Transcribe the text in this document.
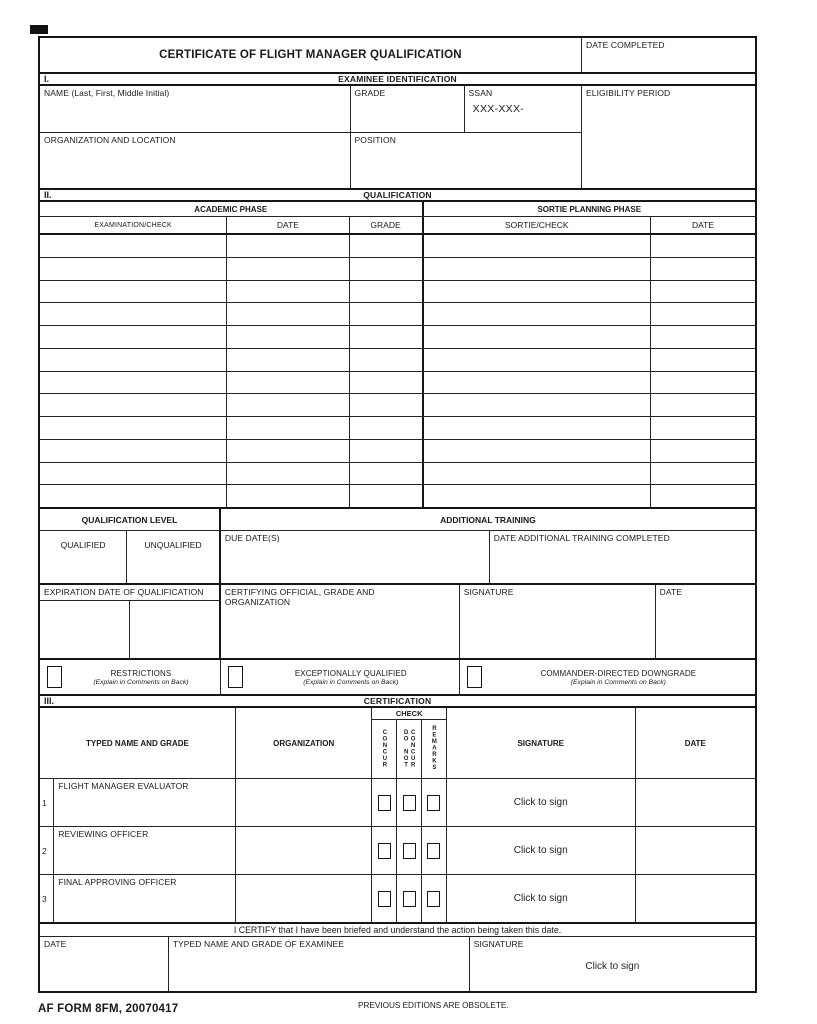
CERTIFICATE OF FLIGHT MANAGER QUALIFICATION
DATE COMPLETED
I.	EXAMINEE IDENTIFICATION
NAME (Last, First, Middle Initial)	GRADE	SSAN
XXX-XXX-
ORGANIZATION AND LOCATION	POSITION
ELIGIBILITY PERIOD
II.	QUALIFICATION
ACADEMIC PHASE	SORTIE PLANNING PHASE
EXAMINATION/CHECK	DATE	GRADE	SORTIE/CHECK	DATE
QUALIFICATION LEVEL	ADDITIONAL TRAINING
QUALIFIED	UNQUALIFIED
DUE DATE(S)	DATE ADDITIONAL TRAINING COMPLETED
EXPIRATION DATE OF QUALIFICATION	CERTIFYING OFFICIAL, GRADE AND ORGANIZATION
SIGNATURE	DATE
RESTRICTIONS
(Explain in Comments on Back)
EXCEPTIONALLY QUALIFIED
(Explain in Comments on Back)
COMMANDER-DIRECTED DOWNGRADE
(Explain in Comments on Back)
III.	CERTIFICATION
TYPED NAME AND GRADE	ORGANIZATION
CHECK
CONCUR	DO NOT CONCUR	REMARKS	SIGNATURE	DATE
1
FLIGHT MANAGER EVALUATOR
Click to sign
2
REVIEWING OFFICER
Click to sign
3
FINAL APPROVING OFFICER
Click to sign
I CERTIFY that I have been briefed and understand the action being taken this date.
DATE	TYPED NAME AND GRADE OF EXAMINEE	SIGNATURE
Click to sign
AF FORM 8FM, 20070417	PREVIOUS EDITIONS ARE OBSOLETE.
